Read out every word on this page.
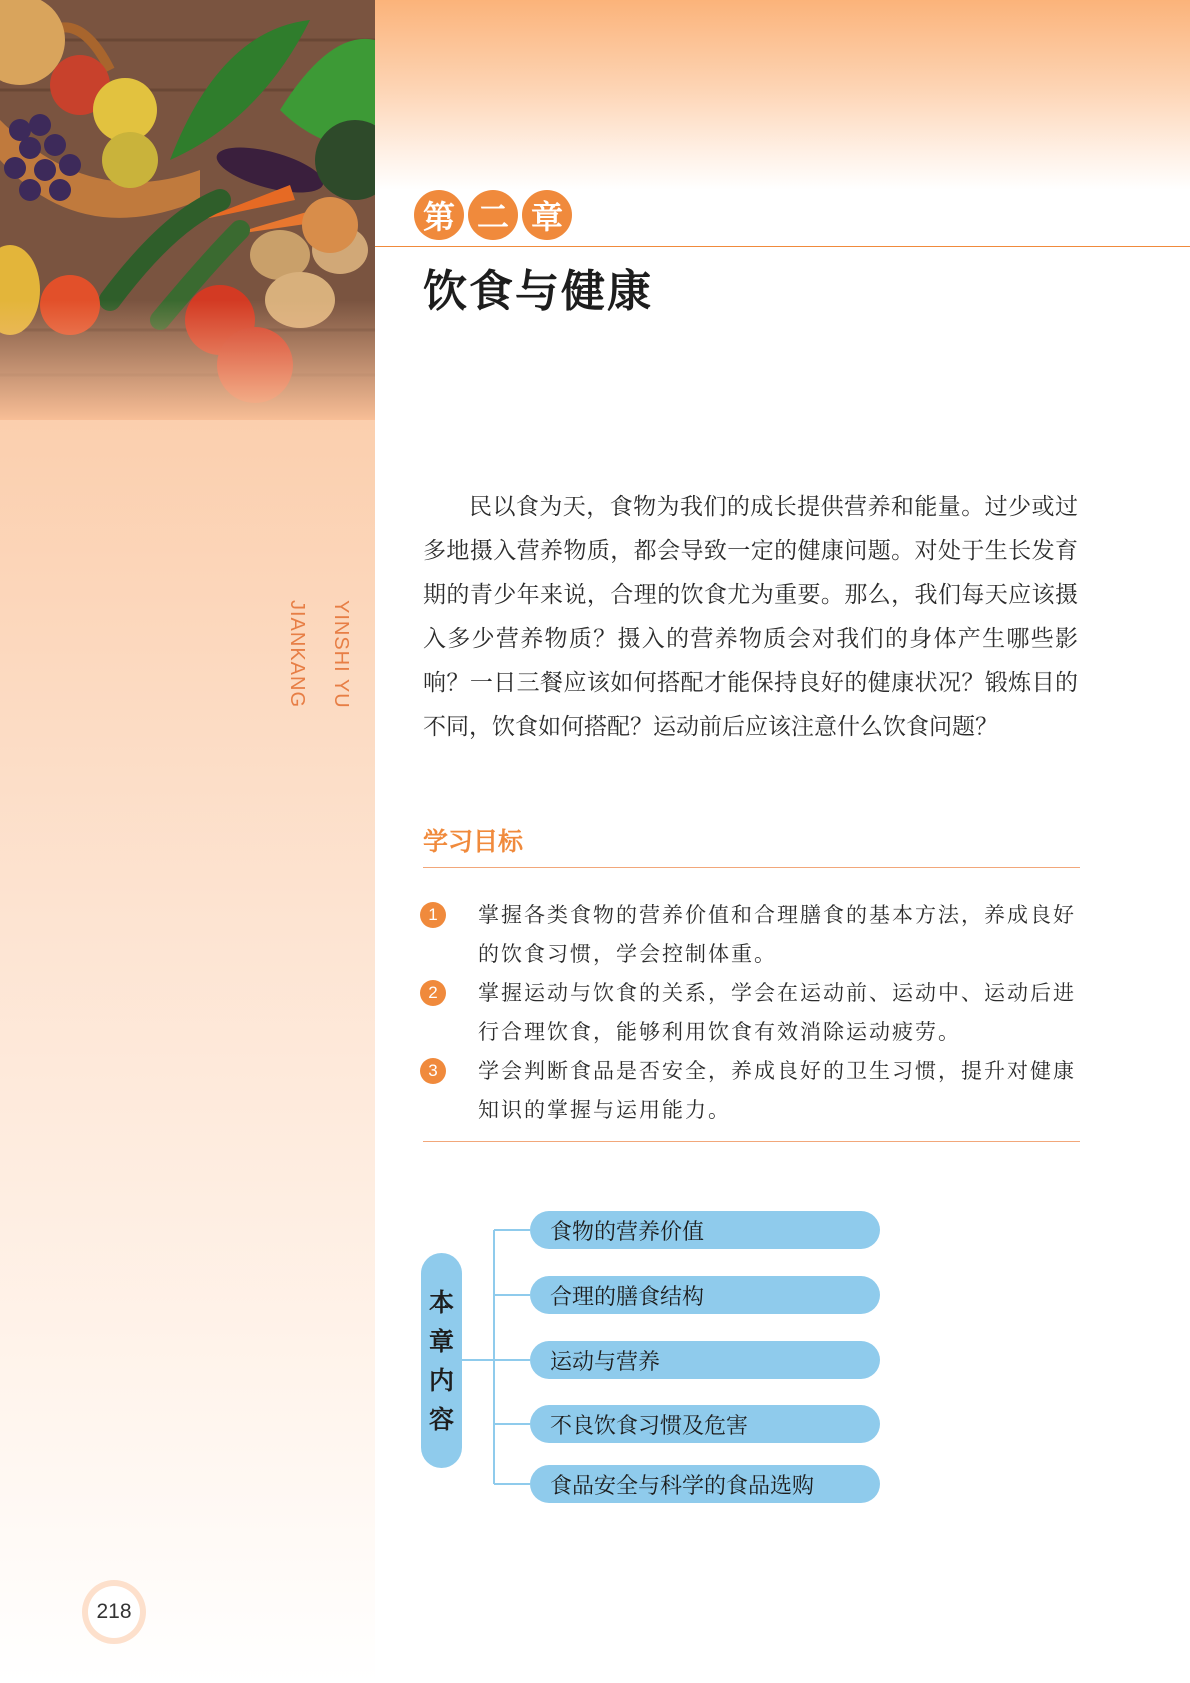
YINSHI YU
JIANKANG
218
第 二 章
饮食与健康

民以食为天，食物为我们的成长提供营养和能量。过少或过多地摄入营养物质，都会导致一定的健康问题。对处于生长发育期的青少年来说，合理的饮食尤为重要。那么，我们每天应该摄入多少营养物质？摄入的营养物质会对我们的身体产生哪些影响？一日三餐应该如何搭配才能保持良好的健康状况？锻炼目的不同，饮食如何搭配？运动前后应该注意什么饮食问题？

学习目标
1	掌握各类食物的营养价值和合理膳食的基本方法，养成良好的饮食习惯，学会控制体重。
2	掌握运动与饮食的关系，学会在运动前、运动中、运动后进行合理饮食，能够利用饮食有效消除运动疲劳。
3	学会判断食品是否安全，养成良好的卫生习惯，提升对健康知识的掌握与运用能力。
本
章
内
容
食物的营养价值
合理的膳食结构
运动与营养
不良饮食习惯及危害
食品安全与科学的食品选购
